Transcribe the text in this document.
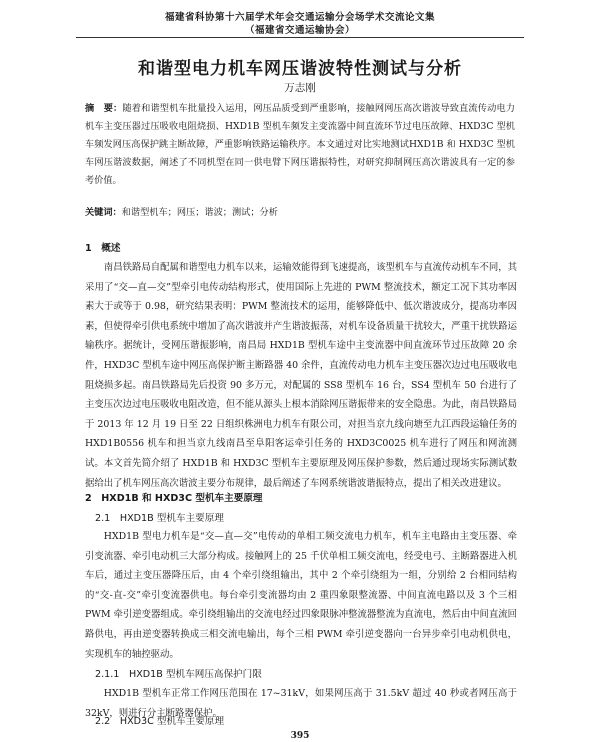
福建省科协第十六届学术年会交通运输分会场学术交流论文集
（福建省交通运输协会）
和谐型电力机车网压谐波特性测试与分析
万志刚
摘　要：随着和谐型机车批量投入运用，网压品质受到严重影响，接触网网压高次谐波导致直流传动电力机车主变压器过压吸收电阻烧损、HXD1B 型机车频发主变流器中间直流环节过电压故障、HXD3C 型机车频发网压高保护跳主断故障，严重影响铁路运输秩序。本文通过对比实地测试HXD1B 和 HXD3C 型机车网压谐波数据，阐述了不同机型在同一供电臂下网压谐振特性，对研究抑制网压高次谐波具有一定的参考价值。
关键词：和谐型机车；网压；谐波；测试；分析
1　概述
南昌铁路局自配属和谐型电力机车以来，运输效能得到飞速提高，该型机车与直流传动机车不同，其采用了“交—直—交”型牵引电传动结构形式，使用国际上先进的 PWM 整流技术，额定工况下其功率因素大于或等于 0.98，研究结果表明：PWM 整流技术的运用，能够降低中、低次谐波成分，提高功率因素，但使得牵引供电系统中增加了高次谐波并产生谐波振荡，对机车设备质量干扰较大，严重干扰铁路运输秩序。据统计，受网压谐振影响，南昌局 HXD1B 型机车途中主变流器中间直流环节过压故障 20 余件，HXD3C 型机车途中网压高保护断主断路器 40 余件，直流传动电力机车主变压器次边过电压吸收电阻烧损多起。南昌铁路局先后投资 90 多万元，对配属的 SS8 型机车 16 台，SS4 型机车 50 台进行了主变压次边过电压吸收电阻改造，但不能从源头上根本消除网压谐振带来的安全隐患。为此，南昌铁路局于 2013 年 12 月 19 日至 22 日组织株洲电力机车有限公司，对担当京九线向塘至九江西段运输任务的 HXD1B0556 机车和担当京九线南昌至阜阳客运牵引任务的 HXD3C0025 机车进行了网压和网流测试。本文首先简介绍了 HXD1B 和 HXD3C 型机车主要原理及网压保护参数，然后通过现场实际测试数据给出了机车网压高次谐波主要分布规律，最后阐述了车网系统谐波谐振特点，提出了相关改进建议。
2　HXD1B 和 HXD3C 型机车主要原理
2.1　HXD1B 型机车主要原理
HXD1B 型电力机车是“交—直—交”电传动的单相工频交流电力机车，机车主电路由主变压器、牵引变流器、牵引电动机三大部分构成。接触网上的 25 千伏单相工频交流电，经受电弓、主断路器进入机车后，通过主变压器降压后，由 4 个牵引绕组输出，其中 2 个牵引绕组为一组，分别给 2 台相同结构的“交-直-交”牵引变流器供电。每台牵引变流器均由 2 重四象限整流器、中间直流电路以及 3 个三相 PWM 牵引逆变器组成。牵引绕组输出的交流电经过四象限脉冲整流器整流为直流电，然后由中间直流回路供电，再由逆变器转换成三相交流电输出，每个三相 PWM 牵引逆变器向一台异步牵引电动机供电，实现机车的轴控驱动。
2.1.1　HXD1B 型机车网压高保护门限
HXD1B 型机车正常工作网压范围在 17~31kV，如果网压高于 31.5kV 超过 40 秒或者网压高于 32kV，则进行分主断路器保护。
2.2　HXD3C 型机车主要原理
395
